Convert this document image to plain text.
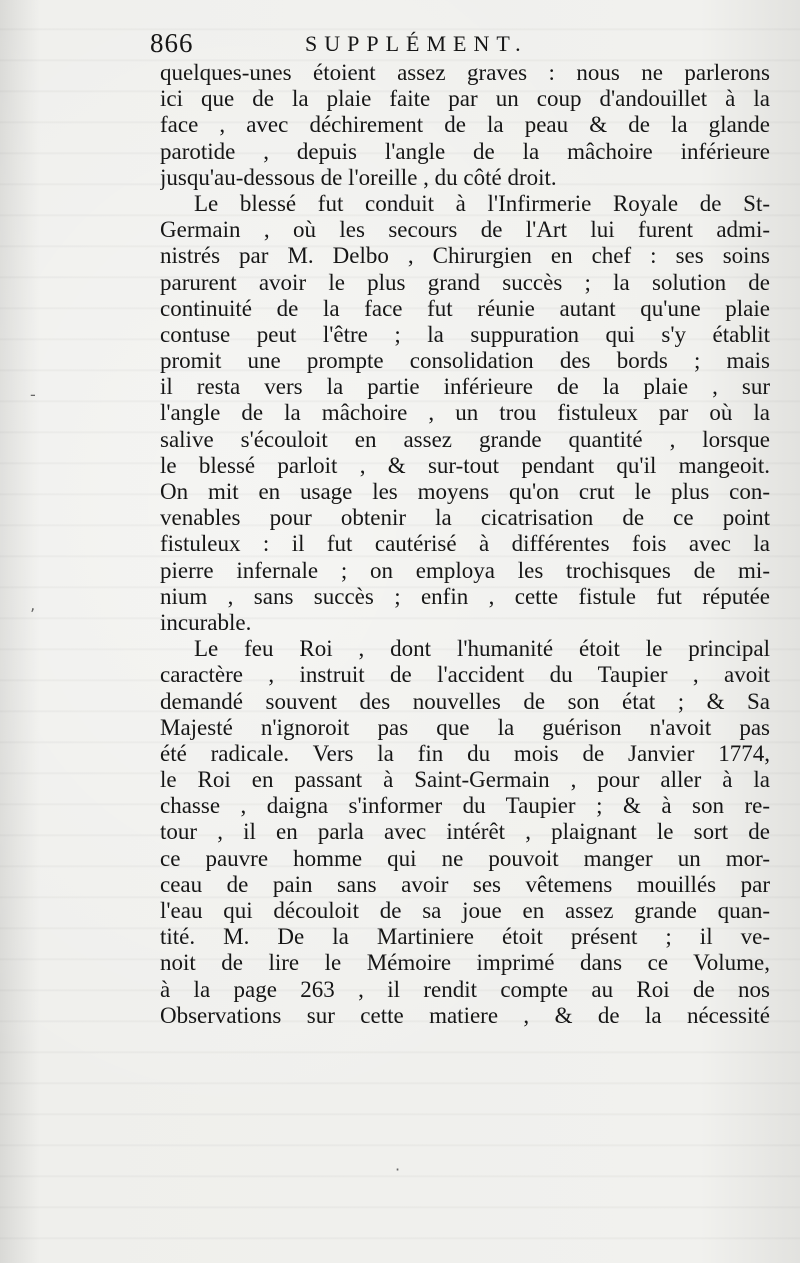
866	SUPPLÉMENT.
quelques-unes étoient assez graves : nous ne parlerons
ici que de la plaie faite par un coup d'andouillet à la
face , avec déchirement de la peau & de la glande
parotide , depuis l'angle de la mâchoire inférieure
jusqu'au-dessous de l'oreille , du côté droit.
Le blessé fut conduit à l'Infirmerie Royale de St-
Germain , où les secours de l'Art lui furent admi-
nistrés par M. Delbo , Chirurgien en chef : ses soins
parurent avoir le plus grand succès ; la solution de
continuité de la face fut réunie autant qu'une plaie
contuse peut l'être ; la suppuration qui s'y établit
promit une prompte consolidation des bords ; mais
il resta vers la partie inférieure de la plaie , sur
l'angle de la mâchoire , un trou fistuleux par où la
salive s'écouloit en assez grande quantité , lorsque
le blessé parloit , & sur-tout pendant qu'il mangeoit.
On mit en usage les moyens qu'on crut le plus con-
venables pour obtenir la cicatrisation de ce point
fistuleux : il fut cautérisé à différentes fois avec la
pierre infernale ; on employa les trochisques de mi-
nium , sans succès ; enfin , cette fistule fut réputée
incurable.
Le feu Roi , dont l'humanité étoit le principal
caractère , instruit de l'accident du Taupier , avoit
demandé souvent des nouvelles de son état ; & Sa
Majesté n'ignoroit pas que la guérison n'avoit pas
été radicale. Vers la fin du mois de Janvier 1774,
le Roi en passant à Saint-Germain , pour aller à la
chasse , daigna s'informer du Taupier ; & à son re-
tour , il en parla avec intérêt , plaignant le sort de
ce pauvre homme qui ne pouvoit manger un mor-
ceau de pain sans avoir ses vêtemens mouillés par
l'eau qui découloit de sa joue en assez grande quan-
tité. M. De la Martiniere étoit présent ; il ve-
noit de lire le Mémoire imprimé dans ce Volume,
à la page 263 , il rendit compte au Roi de nos
Observations sur cette matiere , & de la nécessité
‐
ʼ
·
